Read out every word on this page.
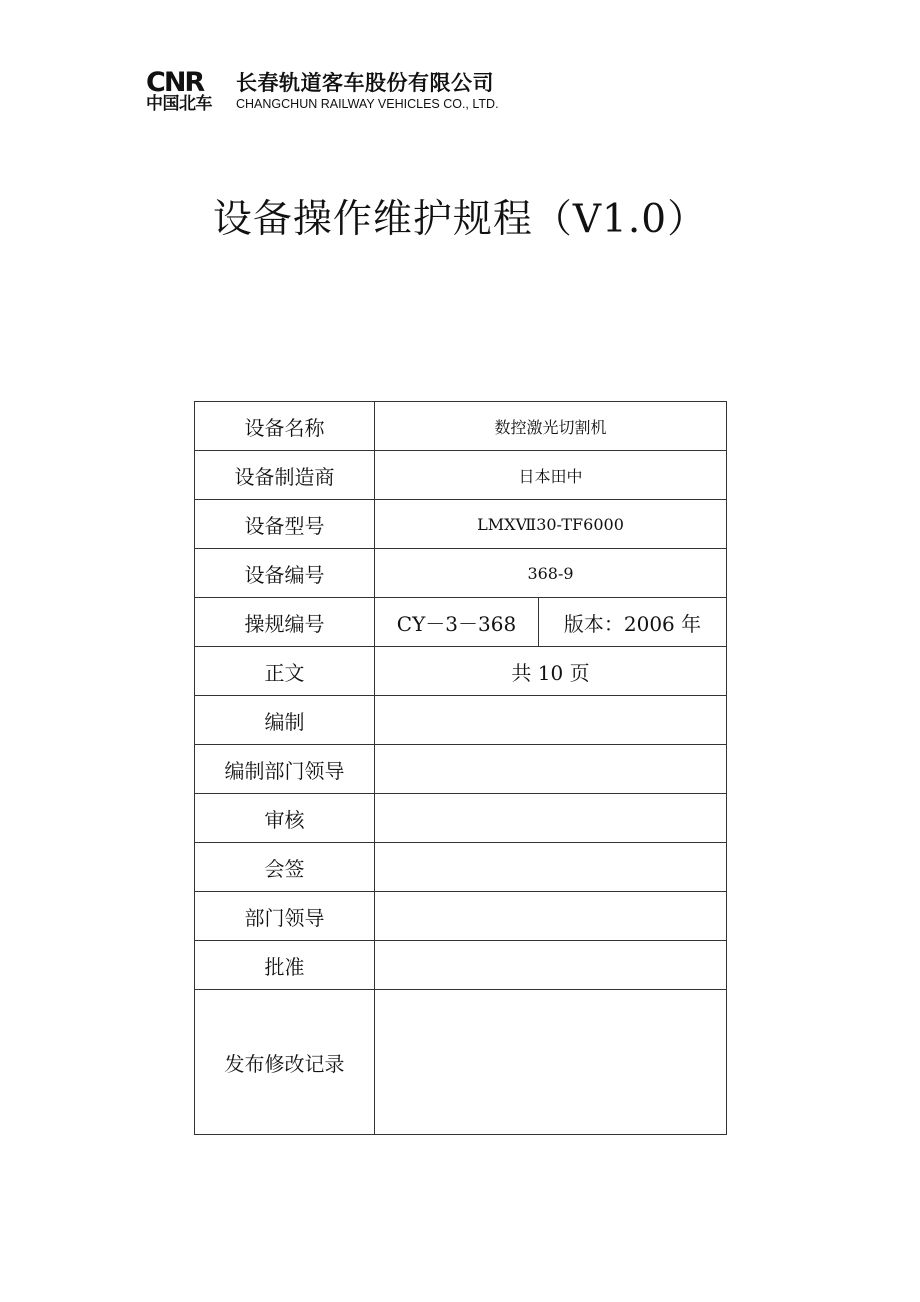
CNR
中国北车
长春轨道客车股份有限公司
CHANGCHUN RAILWAY VEHICLES CO., LTD.
设备操作维护规程（V1.0）
设备名称	数控激光切割机	
设备制造商	日本田中	
设备型号	LMXⅦ30-TF6000	
设备编号	368-9	
操规编号	CY－3－368	版本：2006 年
正文	共 10 页	
编制		
编制部门领导		
审核		
会签		
部门领导		
批准		
发布修改记录		
